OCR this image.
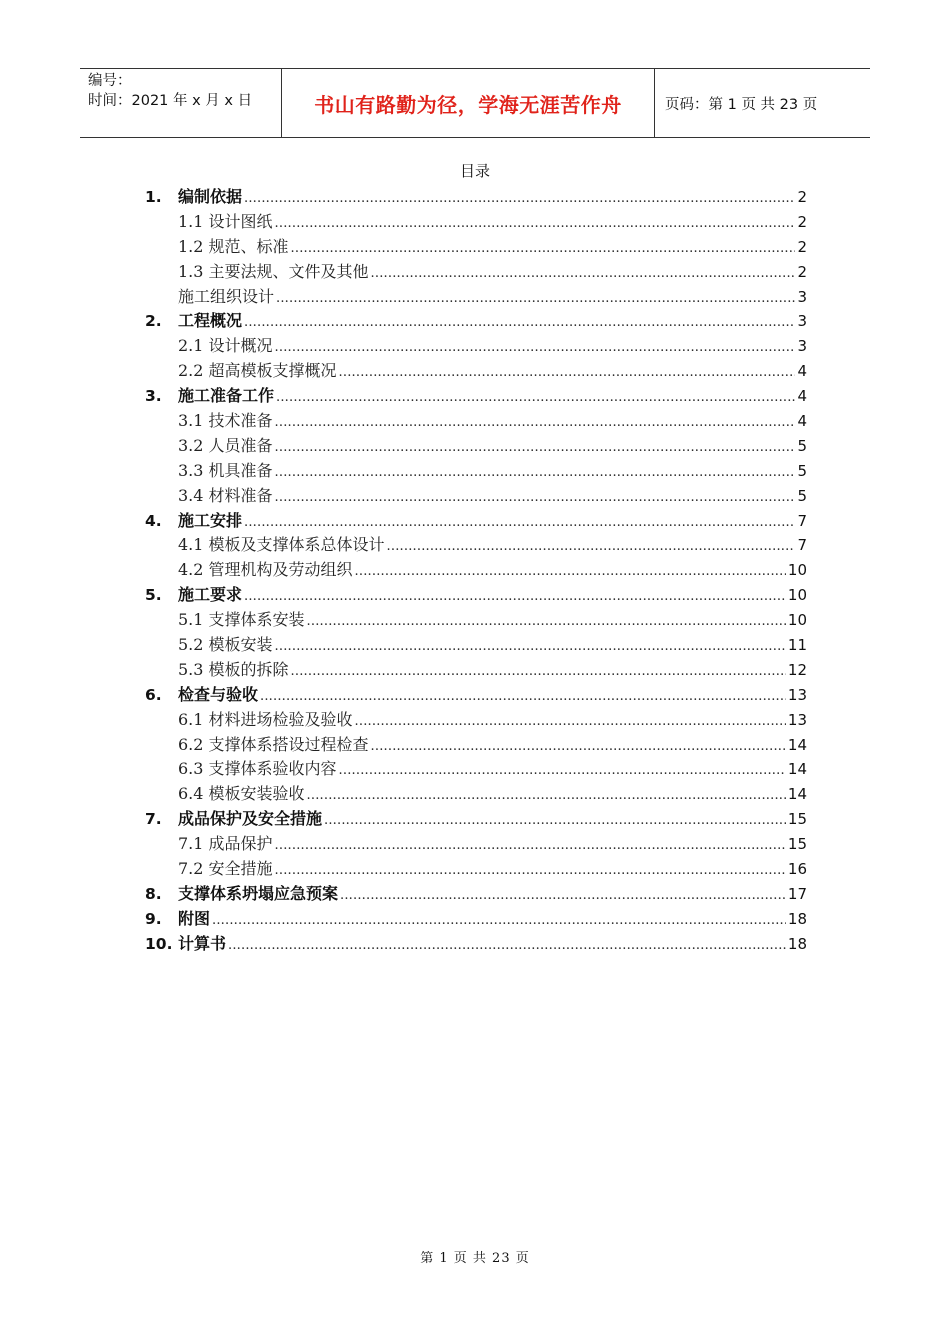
编号：
时间：2021 年 x 月 x 日	书山有路勤为径，学海无涯苦作舟	页码：第 1 页 共 23 页
目录
1.	编制依据 .....	2
1.1 设计图纸 .....	2
1.2 规范、标准 .....	2
1.3 主要法规、文件及其他 .....	2
施工组织设计 .....	3
2.	工程概况 .....	3
2.1 设计概况 .....	3
2.2 超高模板支撑概况 .....	4
3.	施工准备工作 .....	4
3.1 技术准备 .....	4
3.2 人员准备 .....	5
3.3 机具准备 .....	5
3.4 材料准备 .....	5
4.	施工安排 .....	7
4.1 模板及支撑体系总体设计 .....	7
4.2 管理机构及劳动组织 .....	10
5.	施工要求 .....	10
5.1 支撑体系安装 .....	10
5.2 模板安装 .....	11
5.3 模板的拆除 .....	12
6.	检查与验收 .....	13
6.1 材料进场检验及验收 .....	13
6.2 支撑体系搭设过程检查 .....	14
6.3 支撑体系验收内容 .....	14
6.4 模板安装验收 .....	14
7.	成品保护及安全措施 .....	15
7.1 成品保护 .....	15
7.2 安全措施 .....	16
8.	支撑体系坍塌应急预案 .....	17
9.	附图 .....	18
10. 计算书 .....	18
第 1 页 共 23 页
